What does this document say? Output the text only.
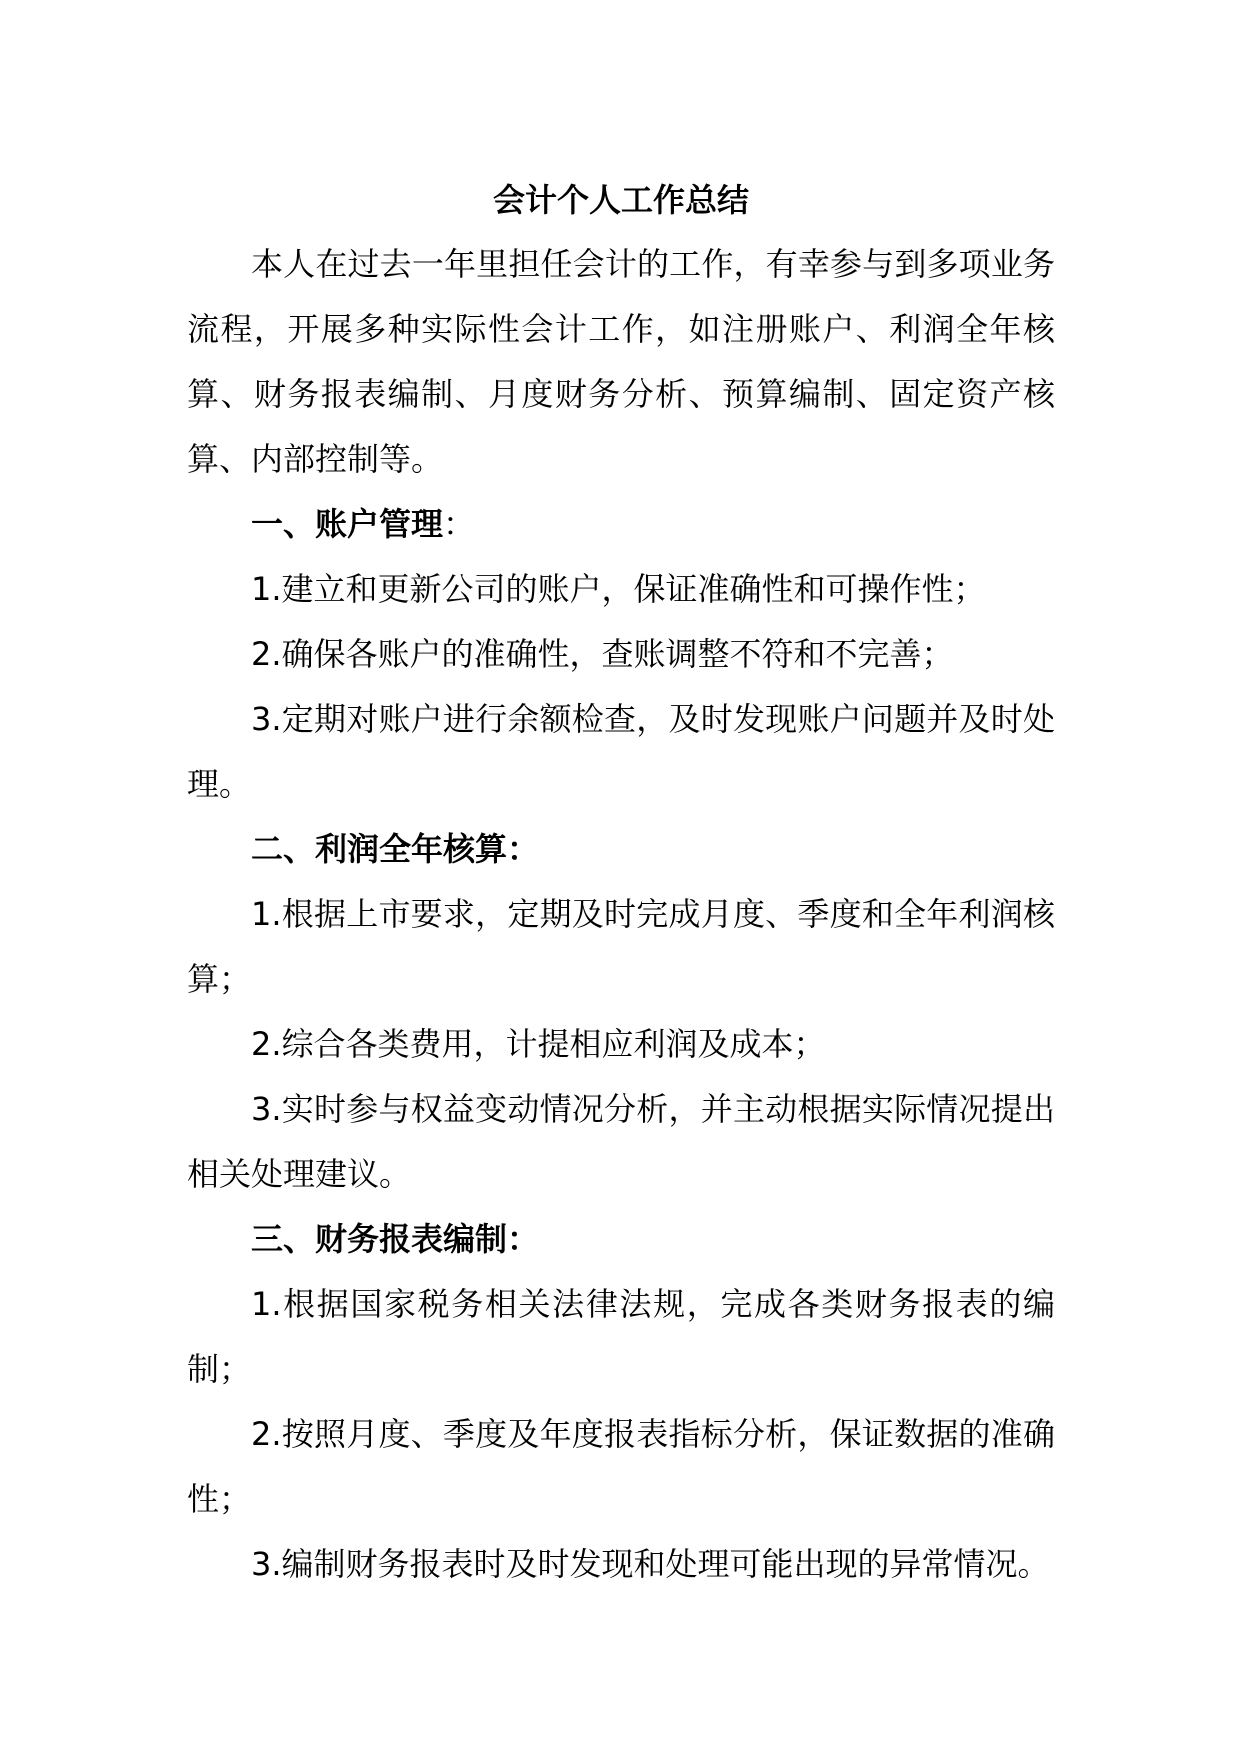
会计个人工作总结

本人在过去一年里担任会计的工作，有幸参与到多项业务流程，开展多种实际性会计工作，如注册账户、利润全年核算、财务报表编制、月度财务分析、预算编制、固定资产核算、内部控制等。

一、账户管理：

1.建立和更新公司的账户，保证准确性和可操作性；

2.确保各账户的准确性，查账调整不符和不完善；

3.定期对账户进行余额检查，及时发现账户问题并及时处理。

二、利润全年核算：

1.根据上市要求，定期及时完成月度、季度和全年利润核算；

2.综合各类费用，计提相应利润及成本；

3.实时参与权益变动情况分析，并主动根据实际情况提出相关处理建议。

三、财务报表编制：

1.根据国家税务相关法律法规，完成各类财务报表的编制；

2.按照月度、季度及年度报表指标分析，保证数据的准确性；

3.编制财务报表时及时发现和处理可能出现的异常情况。
